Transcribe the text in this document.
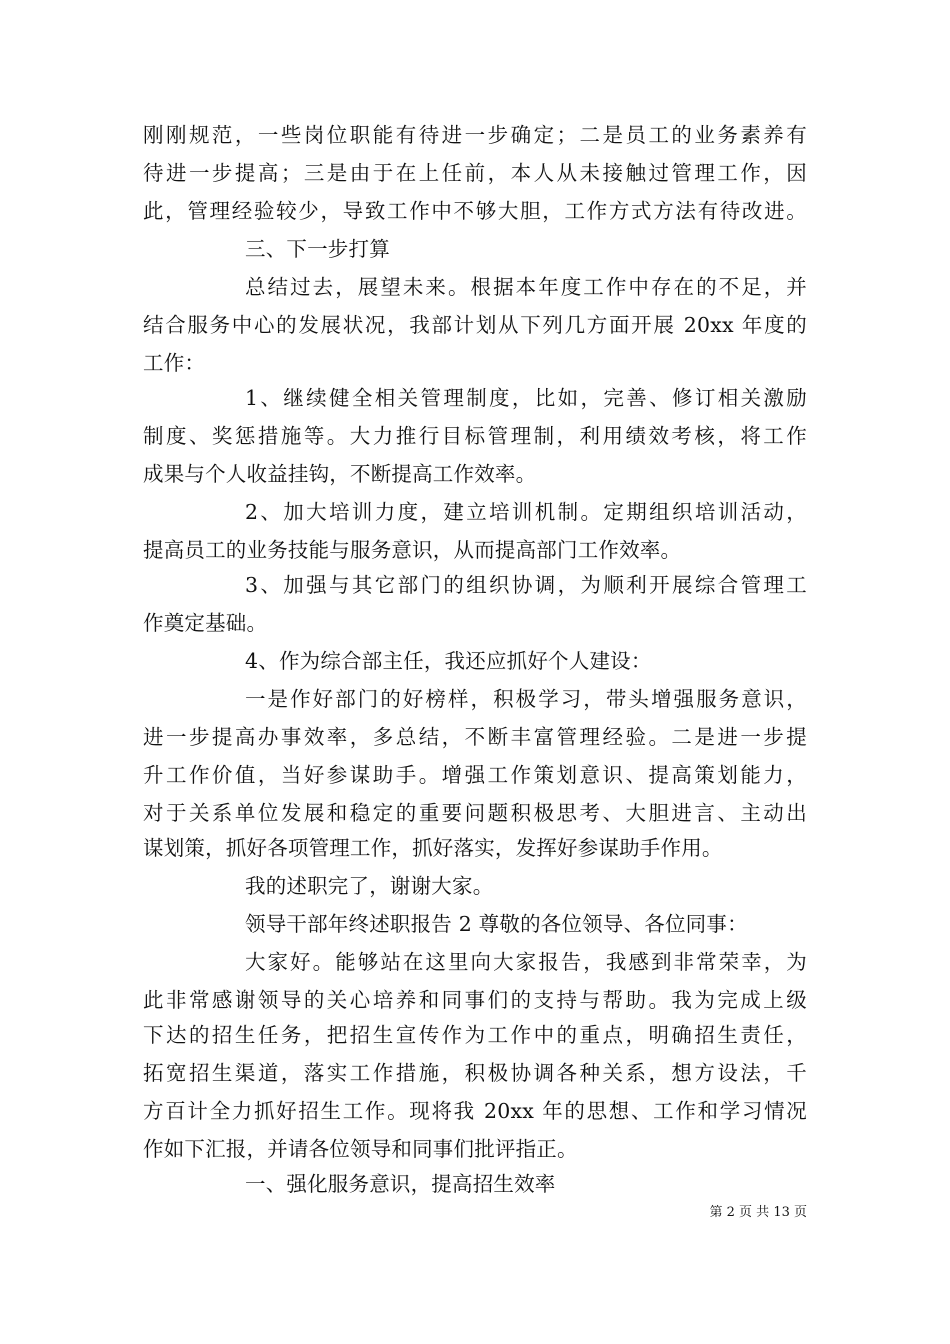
刚刚规范，一些岗位职能有待进一步确定；二是员工的业务素养有
待进一步提高；三是由于在上任前，本人从未接触过管理工作，因
此，管理经验较少，导致工作中不够大胆，工作方式方法有待改进。
三、下一步打算
总结过去，展望未来。根据本年度工作中存在的不足，并
结合服务中心的发展状况，我部计划从下列几方面开展 20xx 年度的
工作：
1、继续健全相关管理制度，比如，完善、修订相关激励
制度、奖惩措施等。大力推行目标管理制，利用绩效考核，将工作
成果与个人收益挂钩，不断提高工作效率。
2、加大培训力度，建立培训机制。定期组织培训活动，
提高员工的业务技能与服务意识，从而提高部门工作效率。
3、加强与其它部门的组织协调，为顺利开展综合管理工
作奠定基础。
4、作为综合部主任，我还应抓好个人建设：
一是作好部门的好榜样，积极学习，带头增强服务意识，
进一步提高办事效率，多总结，不断丰富管理经验。二是进一步提
升工作价值，当好参谋助手。增强工作策划意识、提高策划能力，
对于关系单位发展和稳定的重要问题积极思考、大胆进言、主动出
谋划策，抓好各项管理工作，抓好落实，发挥好参谋助手作用。
我的述职完了，谢谢大家。
领导干部年终述职报告 2 尊敬的各位领导、各位同事：
大家好。能够站在这里向大家报告，我感到非常荣幸，为
此非常感谢领导的关心培养和同事们的支持与帮助。我为完成上级
下达的招生任务，把招生宣传作为工作中的重点，明确招生责任，
拓宽招生渠道，落实工作措施，积极协调各种关系，想方设法，千
方百计全力抓好招生工作。现将我 20xx 年的思想、工作和学习情况
作如下汇报，并请各位领导和同事们批评指正。
一、强化服务意识，提高招生效率
第 2 页 共 13 页
